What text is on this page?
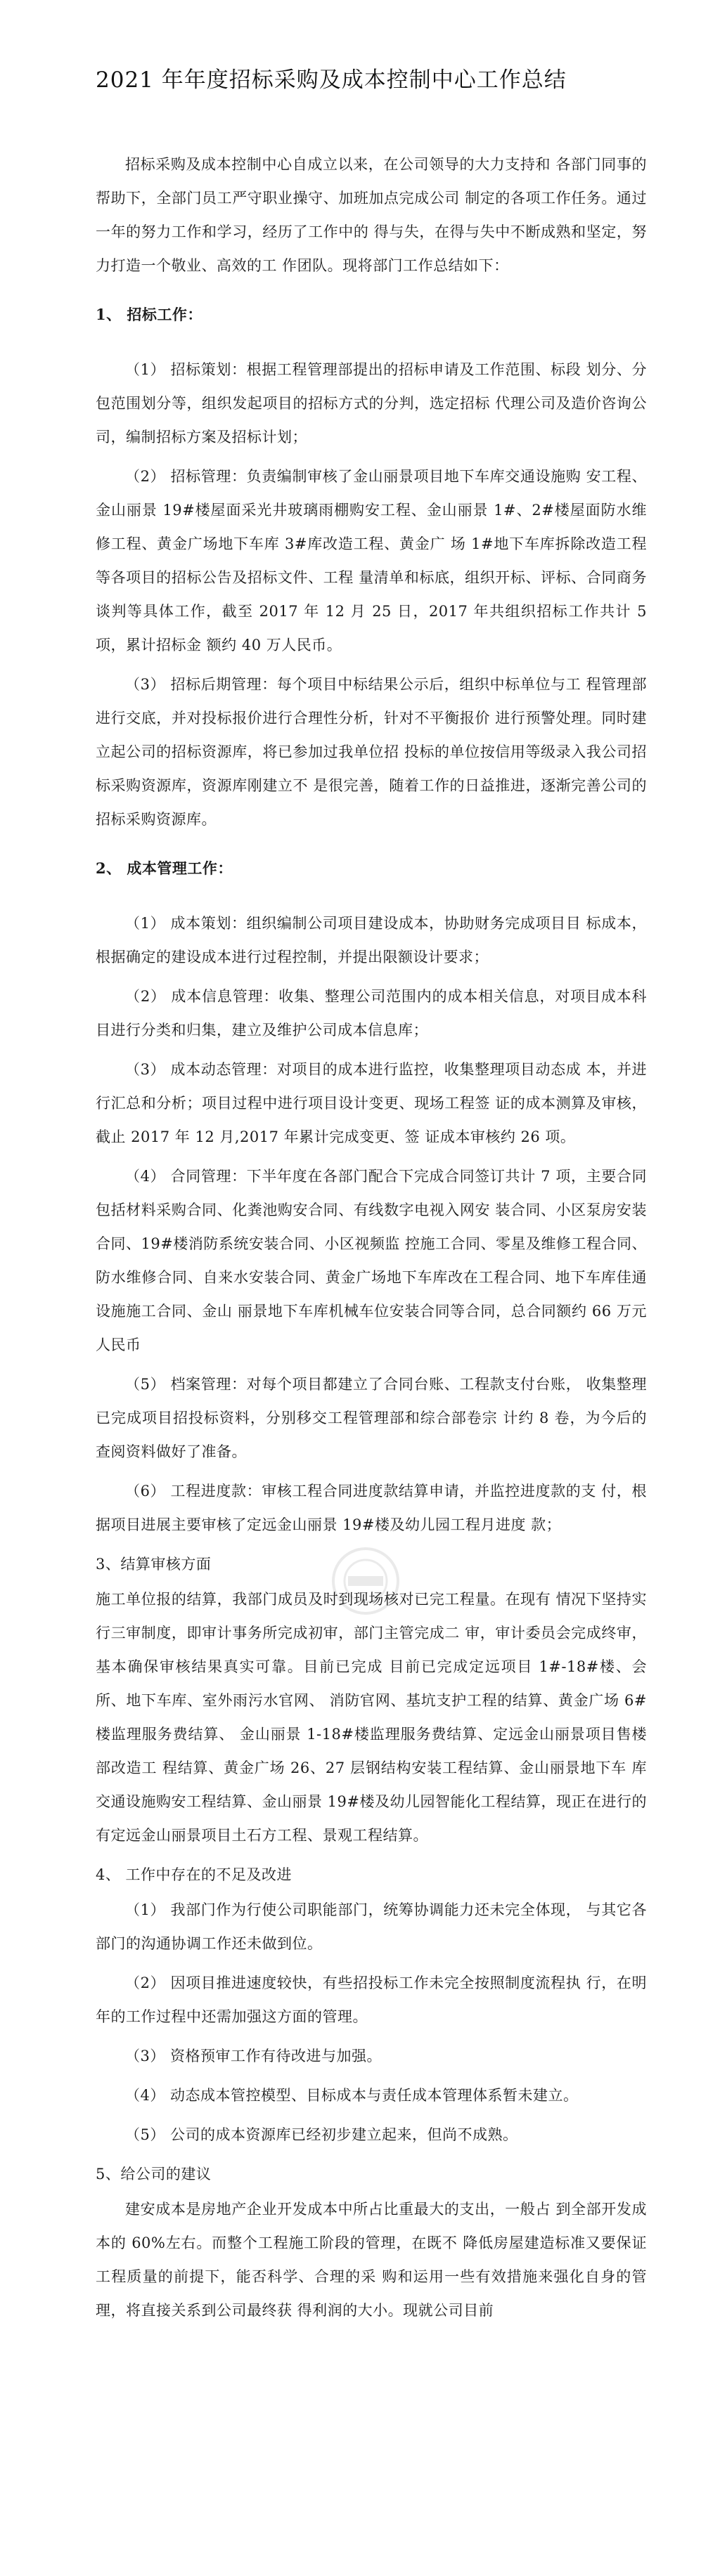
2021 年年度招标采购及成本控制中心工作总结

招标采购及成本控制中心自成立以来，在公司领导的大力支持和 各部门同事的帮助下，全部门员工严守职业操守、加班加点完成公司 制定的各项工作任务。通过一年的努力工作和学习，经历了工作中的 得与失，在得与失中不断成熟和坚定，努力打造一个敬业、高效的工 作团队。现将部门工作总结如下：

1、 招标工作：

（1） 招标策划：根据工程管理部提出的招标申请及工作范围、标段 划分、分包范围划分等，组织发起项目的招标方式的分判，选定招标 代理公司及造价咨询公司，编制招标方案及招标计划；

（2） 招标管理：负责编制审核了金山丽景项目地下车库交通设施购 安工程、金山丽景 19#楼屋面采光井玻璃雨棚购安工程、金山丽景 1#、2#楼屋面防水维修工程、黄金广场地下车库 3#库改造工程、黄金广 场 1#地下车库拆除改造工程等各项目的招标公告及招标文件、工程 量清单和标底，组织开标、评标、合同商务谈判等具体工作，截至 2017 年 12 月 25 日，2017 年共组织招标工作共计 5 项，累计招标金 额约 40 万人民币。

（3） 招标后期管理：每个项目中标结果公示后，组织中标单位与工 程管理部进行交底，并对投标报价进行合理性分析，针对不平衡报价 进行预警处理。同时建立起公司的招标资源库，将已参加过我单位招 投标的单位按信用等级录入我公司招标采购资源库，资源库刚建立不 是很完善，随着工作的日益推进，逐渐完善公司的招标采购资源库。

2、 成本管理工作：

（1） 成本策划：组织编制公司项目建设成本，协助财务完成项目目 标成本，根据确定的建设成本进行过程控制，并提出限额设计要求；

（2） 成本信息管理：收集、整理公司范围内的成本相关信息，对项目成本科目进行分类和归集，建立及维护公司成本信息库；

（3） 成本动态管理：对项目的成本进行监控，收集整理项目动态成 本，并进行汇总和分析；项目过程中进行项目设计变更、现场工程签 证的成本测算及审核，截止 2017 年 12 月,2017 年累计完成变更、签 证成本审核约 26 项。

（4） 合同管理：下半年度在各部门配合下完成合同签订共计 7 项，主要合同包括材料采购合同、化粪池购安合同、有线数字电视入网安 装合同、小区泵房安装合同、19#楼消防系统安装合同、小区视频监 控施工合同、零星及维修工程合同、防水维修合同、自来水安装合同、黄金广场地下车库改在工程合同、地下车库佳通设施施工合同、金山 丽景地下车库机械车位安装合同等合同，总合同额约 66 万元人民币

（5） 档案管理：对每个项目都建立了合同台账、工程款支付台账， 收集整理已完成项目招投标资料，分别移交工程管理部和综合部卷宗 计约 8 卷，为今后的查阅资料做好了准备。

（6） 工程进度款：审核工程合同进度款结算申请，并监控进度款的支 付，根据项目进展主要审核了定远金山丽景 19#楼及幼儿园工程月进度 款；

3、结算审核方面

施工单位报的结算，我部门成员及时到现场核对已完工程量。在现有 情况下坚持实行三审制度，即审计事务所完成初审，部门主管完成二 审，审计委员会完成终审，基本确保审核结果真实可靠。目前已完成 目前已完成定远项目 1#-18#楼、会所、地下车库、室外雨污水官网、 消防官网、基坑支护工程的结算、黄金广场 6#楼监理服务费结算、 金山丽景 1-18#楼监理服务费结算、定远金山丽景项目售楼部改造工 程结算、黄金广场 26、27 层钢结构安装工程结算、金山丽景地下车 库交通设施购安工程结算、金山丽景 19#楼及幼儿园智能化工程结算，现正在进行的有定远金山丽景项目土石方工程、景观工程结算。

4、 工作中存在的不足及改进

（1） 我部门作为行使公司职能部门，统筹协调能力还未完全体现， 与其它各部门的沟通协调工作还未做到位。

（2） 因项目推进速度较快，有些招投标工作未完全按照制度流程执 行，在明年的工作过程中还需加强这方面的管理。

（3） 资格预审工作有待改进与加强。

（4） 动态成本管控模型、目标成本与责任成本管理体系暂未建立。

（5） 公司的成本资源库已经初步建立起来，但尚不成熟。

5、给公司的建议

建安成本是房地产企业开发成本中所占比重最大的支出，一般占 到全部开发成本的 60%左右。而整个工程施工阶段的管理，在既不 降低房屋建造标准又要保证工程质量的前提下，能否科学、合理的采 购和运用一些有效措施来强化自身的管理，将直接关系到公司最终获 得利润的大小。现就公司目前
